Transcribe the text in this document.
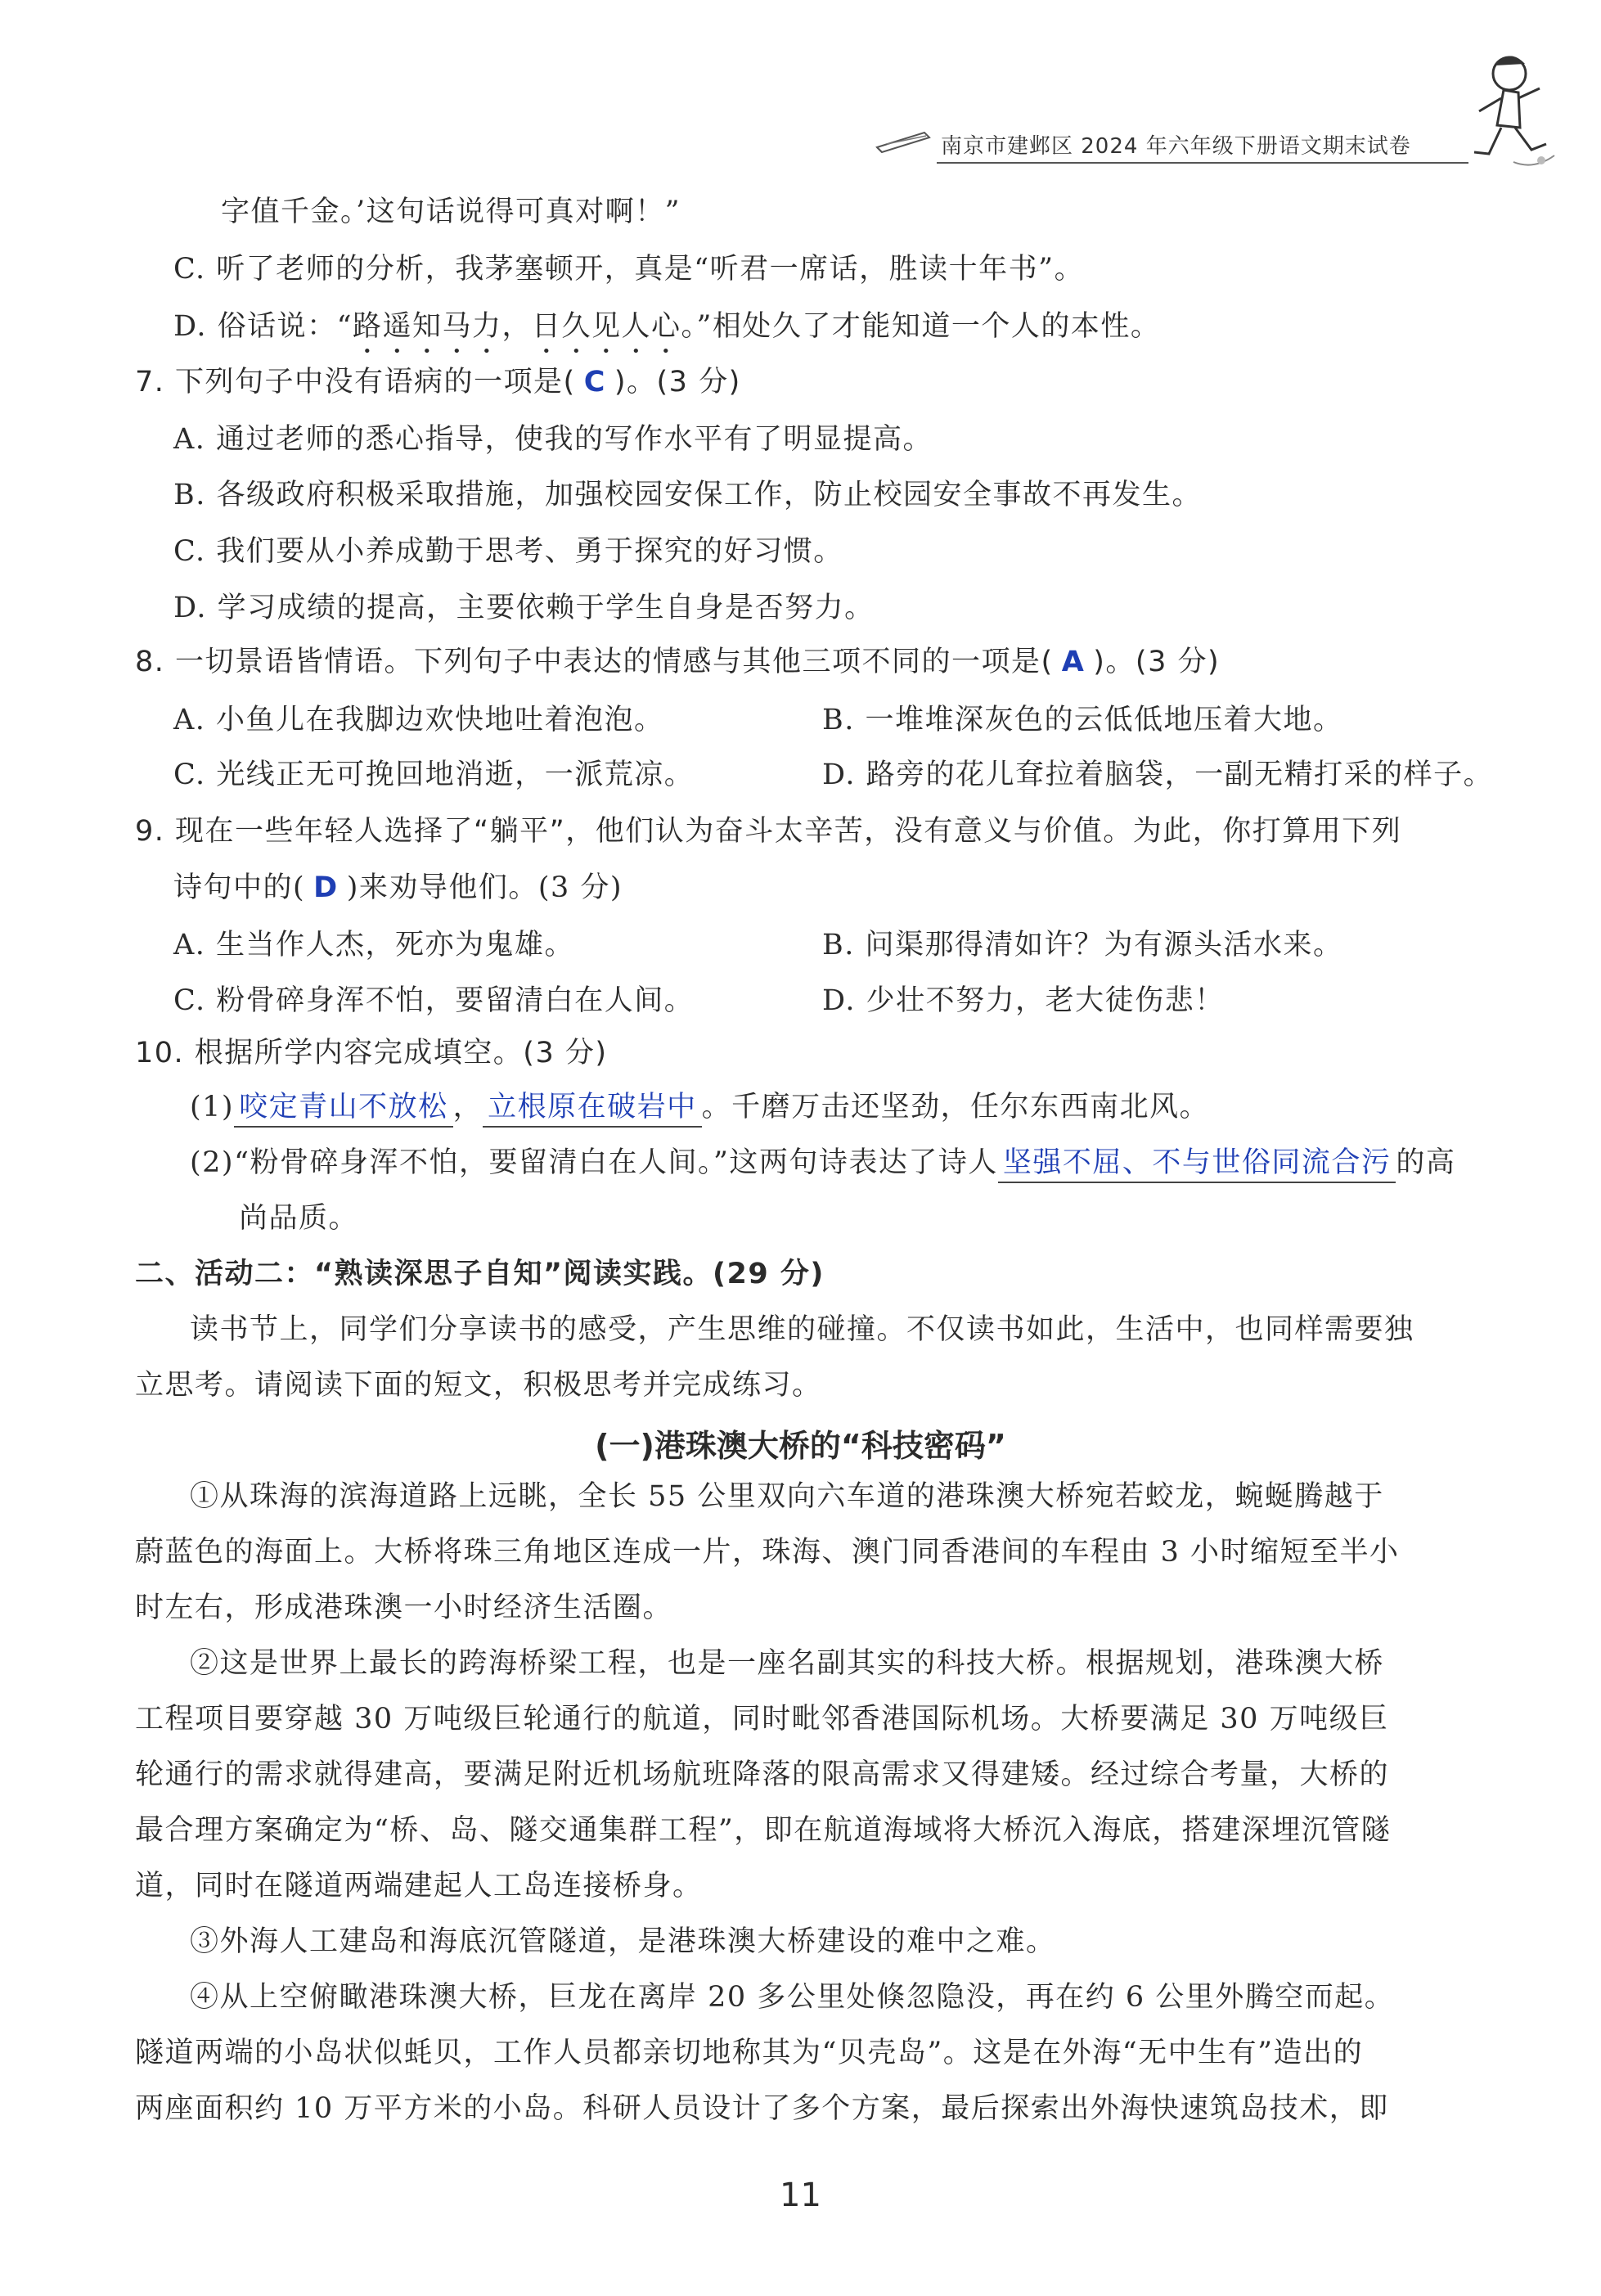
南京市建邺区 2024 年六年级下册语文期末试卷
字值千金。’这句话说得可真对啊！”
C. 听了老师的分析，我茅塞顿开，真是“听君一席话，胜读十年书”。
D. 俗话说：“路遥知马力，日久见人心。”相处久了才能知道一个人的本性。
7. 下列句子中没有语病的一项是( C )。(3 分)
A. 通过老师的悉心指导，使我的写作水平有了明显提高。
B. 各级政府积极采取措施，加强校园安保工作，防止校园安全事故不再发生。
C. 我们要从小养成勤于思考、勇于探究的好习惯。
D. 学习成绩的提高，主要依赖于学生自身是否努力。
8. 一切景语皆情语。下列句子中表达的情感与其他三项不同的一项是( A )。(3 分)
A. 小鱼儿在我脚边欢快地吐着泡泡。	B. 一堆堆深灰色的云低低地压着大地。
C. 光线正无可挽回地消逝，一派荒凉。	D. 路旁的花儿耷拉着脑袋，一副无精打采的样子。
9. 现在一些年轻人选择了“躺平”，他们认为奋斗太辛苦，没有意义与价值。为此，你打算用下列
诗句中的( D )来劝导他们。(3 分)
A. 生当作人杰，死亦为鬼雄。	B. 问渠那得清如许？为有源头活水来。
C. 粉骨碎身浑不怕，要留清白在人间。	D. 少壮不努力，老大徒伤悲！
10. 根据所学内容完成填空。(3 分)
(1) 咬定青山不放松 ， 立根原在破岩中 。千磨万击还坚劲，任尔东西南北风。
(2)“粉骨碎身浑不怕，要留清白在人间。”这两句诗表达了诗人 坚强不屈、不与世俗同流合污 的高
尚品质。
二、活动二：“熟读深思子自知”阅读实践。(29 分)
读书节上，同学们分享读书的感受，产生思维的碰撞。不仅读书如此，生活中，也同样需要独
立思考。请阅读下面的短文，积极思考并完成练习。
(一)港珠澳大桥的“科技密码”
①从珠海的滨海道路上远眺，全长 55 公里双向六车道的港珠澳大桥宛若蛟龙，蜿蜒腾越于
蔚蓝色的海面上。大桥将珠三角地区连成一片，珠海、澳门同香港间的车程由 3 小时缩短至半小
时左右，形成港珠澳一小时经济生活圈。
②这是世界上最长的跨海桥梁工程，也是一座名副其实的科技大桥。根据规划，港珠澳大桥
工程项目要穿越 30 万吨级巨轮通行的航道，同时毗邻香港国际机场。大桥要满足 30 万吨级巨
轮通行的需求就得建高，要满足附近机场航班降落的限高需求又得建矮。经过综合考量，大桥的
最合理方案确定为“桥、岛、隧交通集群工程”，即在航道海域将大桥沉入海底，搭建深埋沉管隧
道，同时在隧道两端建起人工岛连接桥身。
③外海人工建岛和海底沉管隧道，是港珠澳大桥建设的难中之难。
④从上空俯瞰港珠澳大桥，巨龙在离岸 20 多公里处倏忽隐没，再在约 6 公里外腾空而起。
隧道两端的小岛状似蚝贝，工作人员都亲切地称其为“贝壳岛”。这是在外海“无中生有”造出的
两座面积约 10 万平方米的小岛。科研人员设计了多个方案，最后探索出外海快速筑岛技术，即
11
